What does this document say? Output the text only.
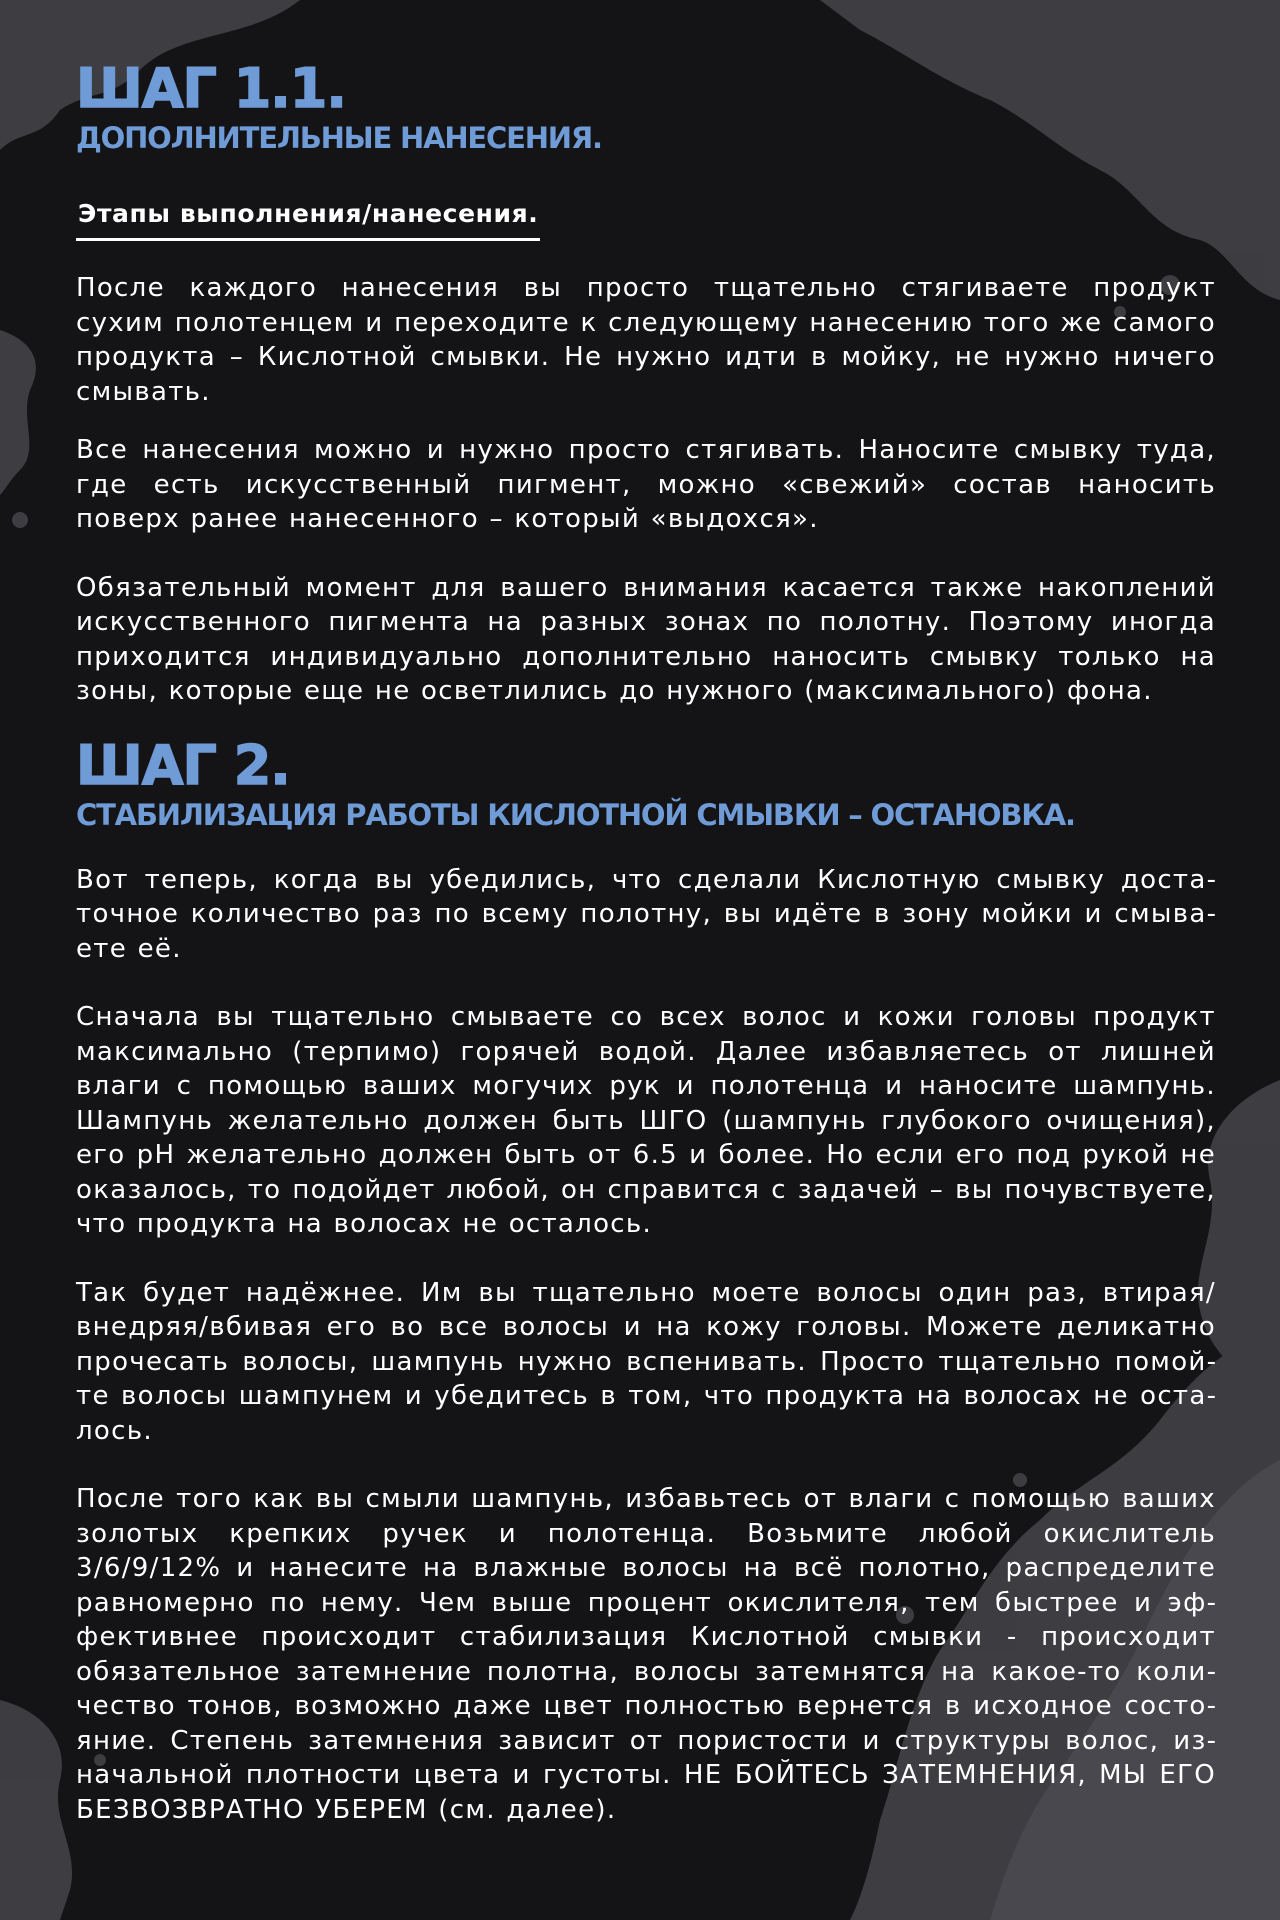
ШАГ 1.1.
ДОПОЛНИТЕЛЬНЫЕ НАНЕСЕНИЯ.
Этапы выполнения/нанесения.

После каждого нанесения вы просто тщательно стягиваете продукт сухим полотенцем и переходите к следующему нанесению того же самого продукта – Кислотной смывки. Не нужно идти в мойку, не нужно ничего смывать.

Все нанесения можно и нужно просто стягивать. Наносите смывку туда, где есть искусственный пигмент, можно «свежий» состав наносить поверх ранее нанесенного – который «выдохся».

Обязательный момент для вашего внимания касается также накоплений искусственного пигмента на разных зонах по полотну. Поэтому иногда приходится индивидуально дополнительно наносить смывку только на зоны, которые еще не осветлились до нужного (максимального) фона.

ШАГ 2.
СТАБИЛИЗАЦИЯ РАБОТЫ КИСЛОТНОЙ СМЫВКИ – ОСТАНОВКА.

Вот теперь, когда вы убедились, что сделали Кислотную смывку достаточное количество раз по всему полотну, вы идёте в зону мойки и смываете её.

Сначала вы тщательно смываете со всех волос и кожи головы продукт максимально (терпимо) горячей водой. Далее избавляетесь от лишней влаги с помощью ваших могучих рук и полотенца и наносите шампунь. Шампунь желательно должен быть ШГО (шампунь глубокого очищения), его pH желательно должен быть от 6.5 и более. Но если его под рукой не оказалось, то подойдет любой, он справится с задачей – вы почувствуете, что продукта на волосах не осталось.

Так будет надёжнее. Им вы тщательно моете волосы один раз, втирая/ внедряя/вбивая его во все волосы и на кожу головы. Можете деликатно прочесать волосы, шампунь нужно вспенивать. Просто тщательно помойте волосы шампунем и убедитесь в том, что продукта на волосах не осталось.

После того как вы смыли шампунь, избавьтесь от влаги с помощью ваших золотых крепких ручек и полотенца. Возьмите любой окислитель 3/6/9/12% и нанесите на влажные волосы на всё полотно, распределите равномерно по нему. Чем выше процент окислителя, тем быстрее и эффективнее происходит стабилизация Кислотной смывки - происходит обязательное затемнение полотна, волосы затемнятся на какое-то количество тонов, возможно даже цвет полностью вернется в исходное состояние. Степень затемнения зависит от пористости и структуры волос, изначальной плотности цвета и густоты. НЕ БОЙТЕСЬ ЗАТЕМНЕНИЯ, МЫ ЕГО БЕЗВОЗВРАТНО УБЕРЕМ (см. далее).
